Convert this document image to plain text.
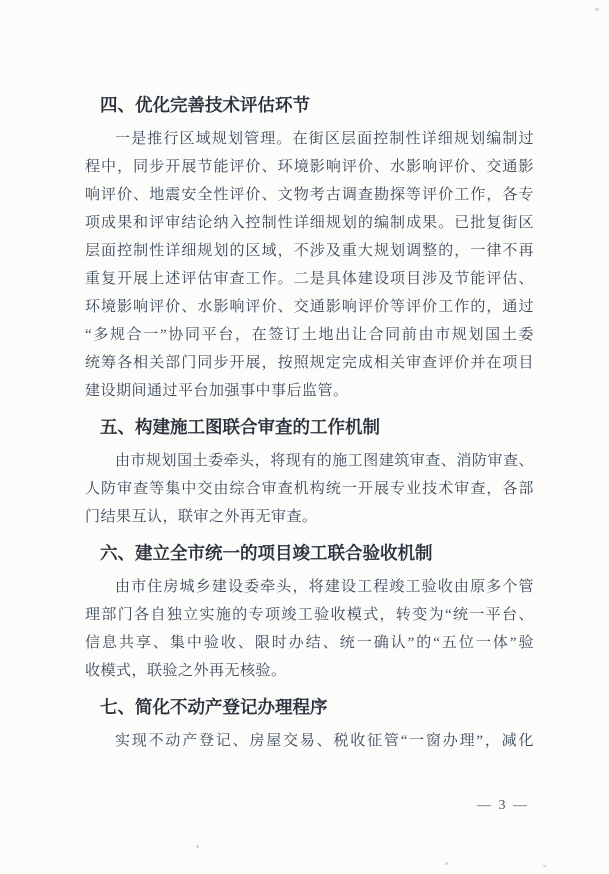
四、优化完善技术评估环节
一是推行区域规划管理。在街区层面控制性详细规划编制过
程中，同步开展节能评价、环境影响评价、水影响评价、交通影
响评价、地震安全性评价、文物考古调查勘探等评价工作，各专
项成果和评审结论纳入控制性详细规划的编制成果。已批复街区
层面控制性详细规划的区域，不涉及重大规划调整的，一律不再
重复开展上述评估审查工作。二是具体建设项目涉及节能评估、
环境影响评价、水影响评价、交通影响评价等评价工作的，通过
“多规合一”协同平台，在签订土地出让合同前由市规划国土委
统筹各相关部门同步开展，按照规定完成相关审查评价并在项目
建设期间通过平台加强事中事后监管。
五、构建施工图联合审查的工作机制
由市规划国土委牵头，将现有的施工图建筑审查、消防审查、
人防审查等集中交由综合审查机构统一开展专业技术审查，各部
门结果互认，联审之外再无审查。
六、建立全市统一的项目竣工联合验收机制
由市住房城乡建设委牵头，将建设工程竣工验收由原多个管
理部门各自独立实施的专项竣工验收模式，转变为“统一平台、
信息共享、集中验收、限时办结、统一确认”的“五位一体”验
收模式，联验之外再无核验。
七、简化不动产登记办理程序
实现不动产登记、房屋交易、税收征管“一窗办理”，减化
— 3 —
